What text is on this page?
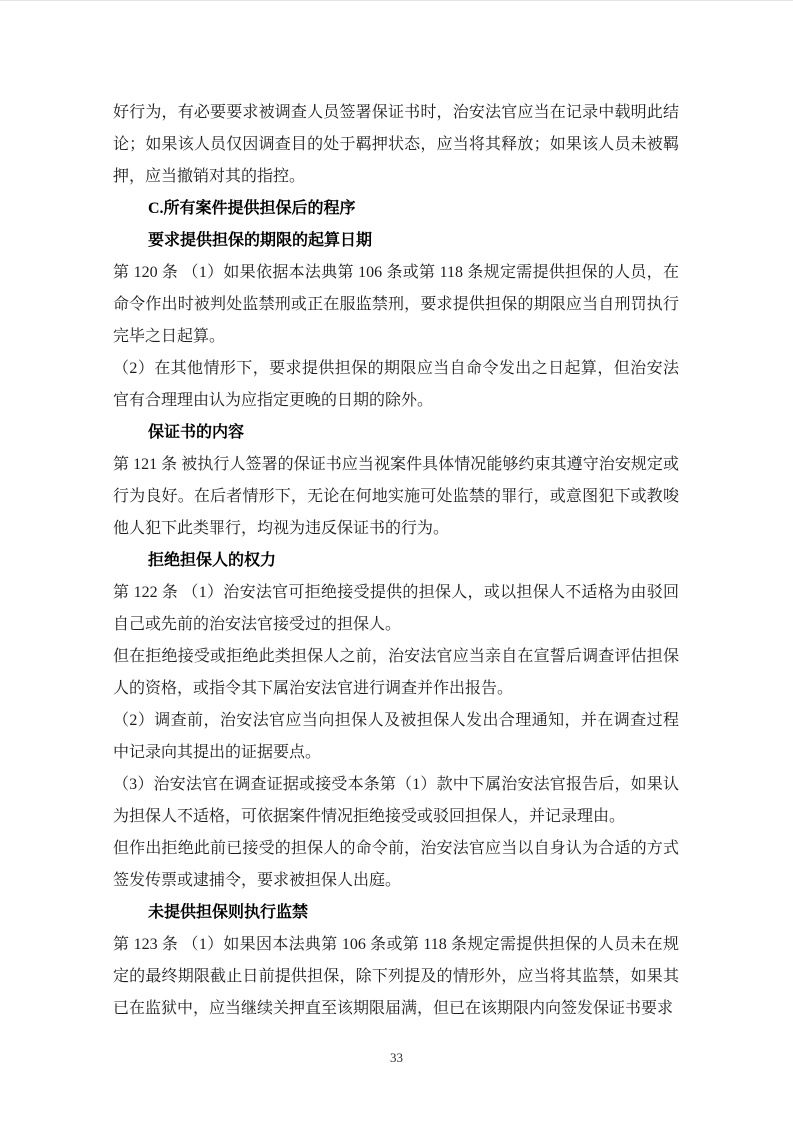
好行为，有必要要求被调查人员签署保证书时，治安法官应当在记录中载明此结论；如果该人员仅因调查目的处于羁押状态，应当将其释放；如果该人员未被羁押，应当撤销对其的指控。

C.所有案件提供担保后的程序

要求提供担保的期限的起算日期

第 120 条 （1）如果依据本法典第 106 条或第 118 条规定需提供担保的人员，在命令作出时被判处监禁刑或正在服监禁刑，要求提供担保的期限应当自刑罚执行完毕之日起算。

（2）在其他情形下，要求提供担保的期限应当自命令发出之日起算，但治安法官有合理理由认为应指定更晚的日期的除外。

保证书的内容

第 121 条 被执行人签署的保证书应当视案件具体情况能够约束其遵守治安规定或行为良好。在后者情形下，无论在何地实施可处监禁的罪行，或意图犯下或教唆他人犯下此类罪行，均视为违反保证书的行为。

拒绝担保人的权力

第 122 条 （1）治安法官可拒绝接受提供的担保人，或以担保人不适格为由驳回自己或先前的治安法官接受过的担保人。

但在拒绝接受或拒绝此类担保人之前，治安法官应当亲自在宣誓后调查评估担保人的资格，或指令其下属治安法官进行调查并作出报告。

（2）调查前，治安法官应当向担保人及被担保人发出合理通知，并在调查过程中记录向其提出的证据要点。

（3）治安法官在调查证据或接受本条第（1）款中下属治安法官报告后，如果认为担保人不适格，可依据案件情况拒绝接受或驳回担保人，并记录理由。

但作出拒绝此前已接受的担保人的命令前，治安法官应当以自身认为合适的方式签发传票或逮捕令，要求被担保人出庭。

未提供担保则执行监禁

第 123 条 （1）如果因本法典第 106 条或第 118 条规定需提供担保的人员未在规定的最终期限截止日前提供担保，除下列提及的情形外，应当将其监禁，如果其已在监狱中，应当继续关押直至该期限届满，但已在该期限内向签发保证书要求

33
